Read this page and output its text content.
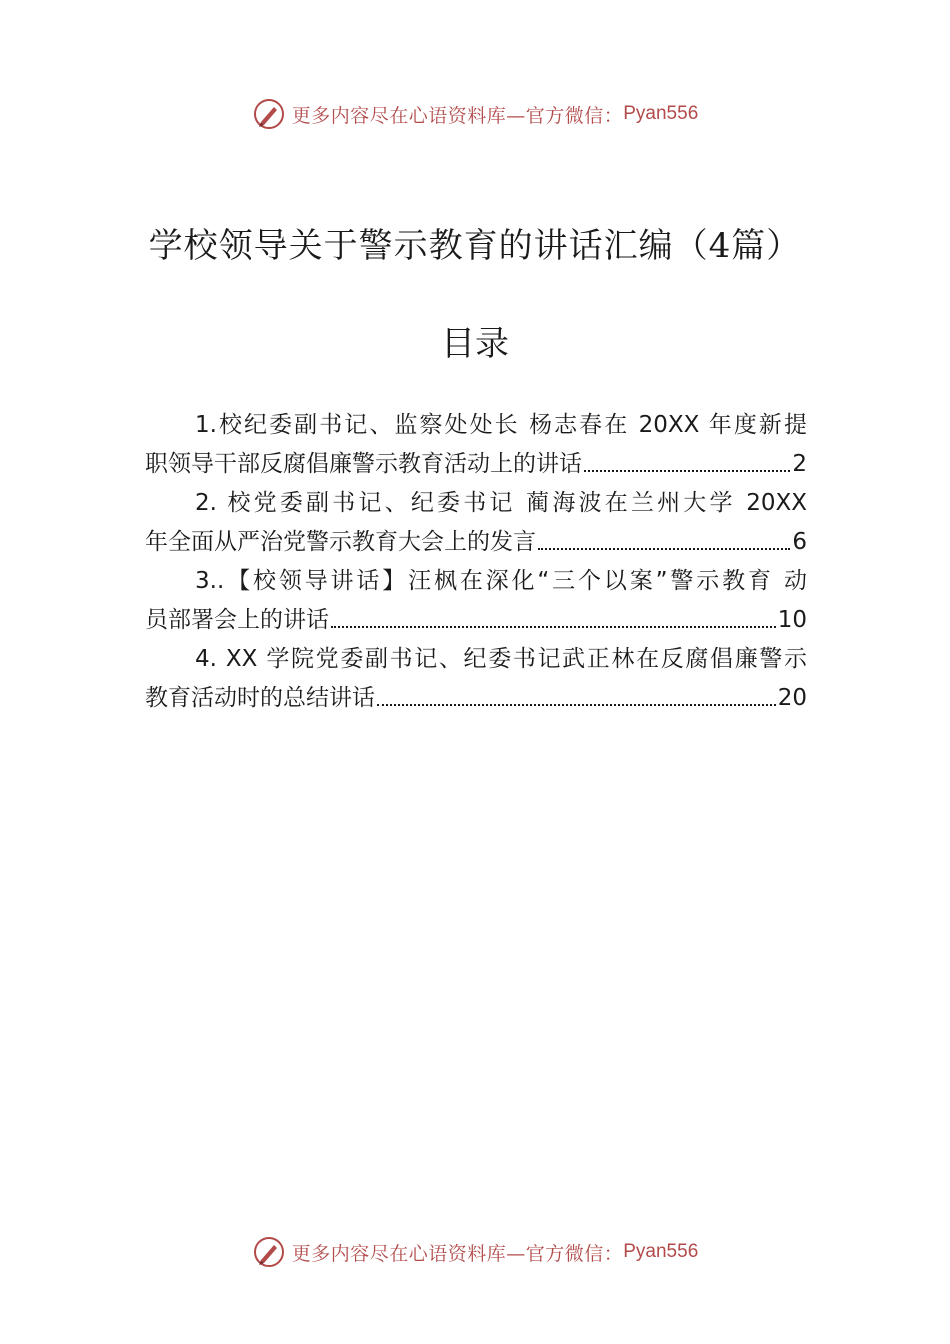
更多内容尽在心语资料库—官方微信： Pyan556
学校领导关于警示教育的讲话汇编（4篇）
目录
1.校纪委副书记、监察处处长 杨志春在 20XX 年度新提
职领导干部反腐倡廉警示教育活动上的讲话	2
2. 校党委副书记、纪委书记 蔺海波在兰州大学 20XX
年全面从严治党警示教育大会上的发言	6
3..【校领导讲话】汪枫在深化“三个以案”警示教育 动
员部署会上的讲话	10
4. XX 学院党委副书记、纪委书记武正林在反腐倡廉警示
教育活动时的总结讲话	20
更多内容尽在心语资料库—官方微信： Pyan556
